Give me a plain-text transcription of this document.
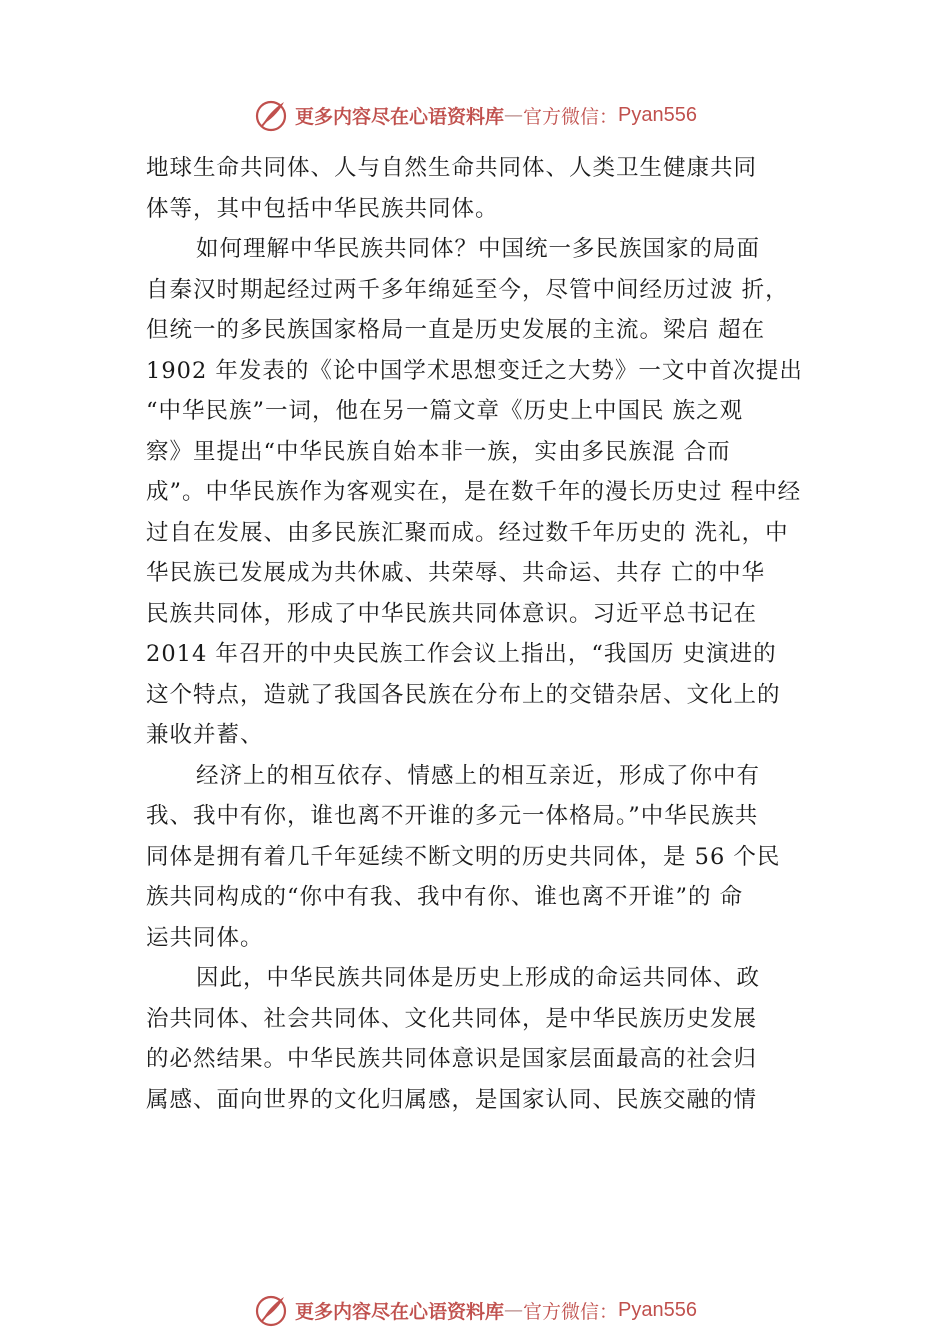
更多内容尽在心语资料库 — 官方微信： Pyan556
地球生命共同体、人与自然生命共同体、人类卫生健康共同
体等，其中包括中华民族共同体。
如何理解中华民族共同体？中国统一多民族国家的局面
自秦汉时期起经过两千多年绵延至今，尽管中间经历过波 折，
但统一的多民族国家格局一直是历史发展的主流。梁启 超在
1902 年发表的《论中国学术思想变迁之大势》一文中首次提出
“中华民族”一词，他在另一篇文章《历史上中国民 族之观
察》里提出“中华民族自始本非一族，实由多民族混 合而
成”。中华民族作为客观实在，是在数千年的漫长历史过 程中经
过自在发展、由多民族汇聚而成。经过数千年历史的 洗礼，中
华民族已发展成为共休戚、共荣辱、共命运、共存 亡的中华
民族共同体，形成了中华民族共同体意识。习近平总书记在
2014 年召开的中央民族工作会议上指出，“我国历 史演进的
这个特点，造就了我国各民族在分布上的交错杂居、文化上的
兼收并蓄、
经济上的相互依存、情感上的相互亲近，形成了你中有
我、我中有你，谁也离不开谁的多元一体格局。”中华民族共
同体是拥有着几千年延续不断文明的历史共同体，是 56 个民
族共同构成的“你中有我、我中有你、谁也离不开谁”的 命
运共同体。
因此，中华民族共同体是历史上形成的命运共同体、政
治共同体、社会共同体、文化共同体，是中华民族历史发展
的必然结果。中华民族共同体意识是国家层面最高的社会归
属感、面向世界的文化归属感，是国家认同、民族交融的情
更多内容尽在心语资料库 — 官方微信： Pyan556
